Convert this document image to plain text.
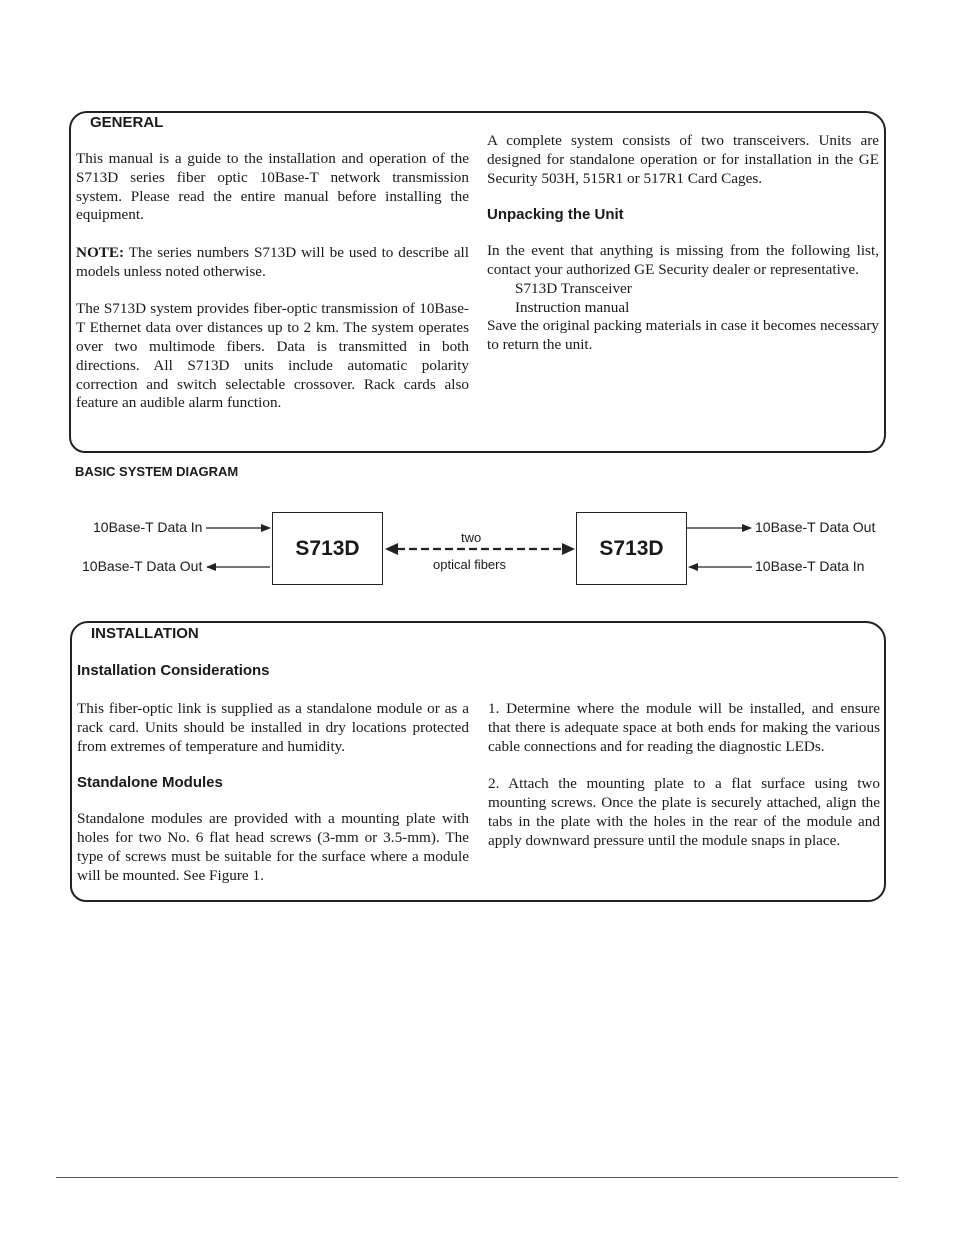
GENERAL

This manual is a guide to the installation and operation of the S713D series fiber optic 10Base-T network transmission system. Please read the entire manual before installing the equipment.

NOTE: The series numbers S713D will be used to describe all models unless noted otherwise.

The S713D system provides fiber-optic transmission of 10Base-T Ethernet data over distances up to 2 km. The system operates over two multimode fibers. Data is transmitted in both directions. All S713D units include automatic polarity correction and switch selectable crossover. Rack cards also feature an audible alarm function.

A complete system consists of two transceivers. Units are designed for standalone operation or for installation in the GE Security 503H, 515R1 or 517R1 Card Cages.

Unpacking the Unit

In the event that anything is missing from the following list, contact your authorized GE Security dealer or representative.

S713D Transceiver
Instruction manual

Save the original packing materials in case it becomes necessary to return the unit.

BASIC SYSTEM DIAGRAM
S713D	S713D
10Base-T Data In
10Base-T Data Out
10Base-T Data Out
10Base-T Data In
two
optical fibers
INSTALLATION
Installation Considerations

This fiber-optic link is supplied as a standalone module or as a rack card. Units should be installed in dry locations protected from extremes of temperature and humidity.

Standalone Modules

Standalone modules are provided with a mounting plate with holes for two No. 6 flat head screws (3-mm or 3.5-mm). The type of screws must be suitable for the surface where a module will be mounted. See Figure 1.

1. Determine where the module will be installed, and ensure that there is adequate space at both ends for making the various cable connections and for reading the diagnostic LEDs.

2. Attach the mounting plate to a flat surface using two mounting screws. Once the plate is securely attached, align the tabs in the plate with the holes in the rear of the module and apply downward pressure until the module snaps in place.
